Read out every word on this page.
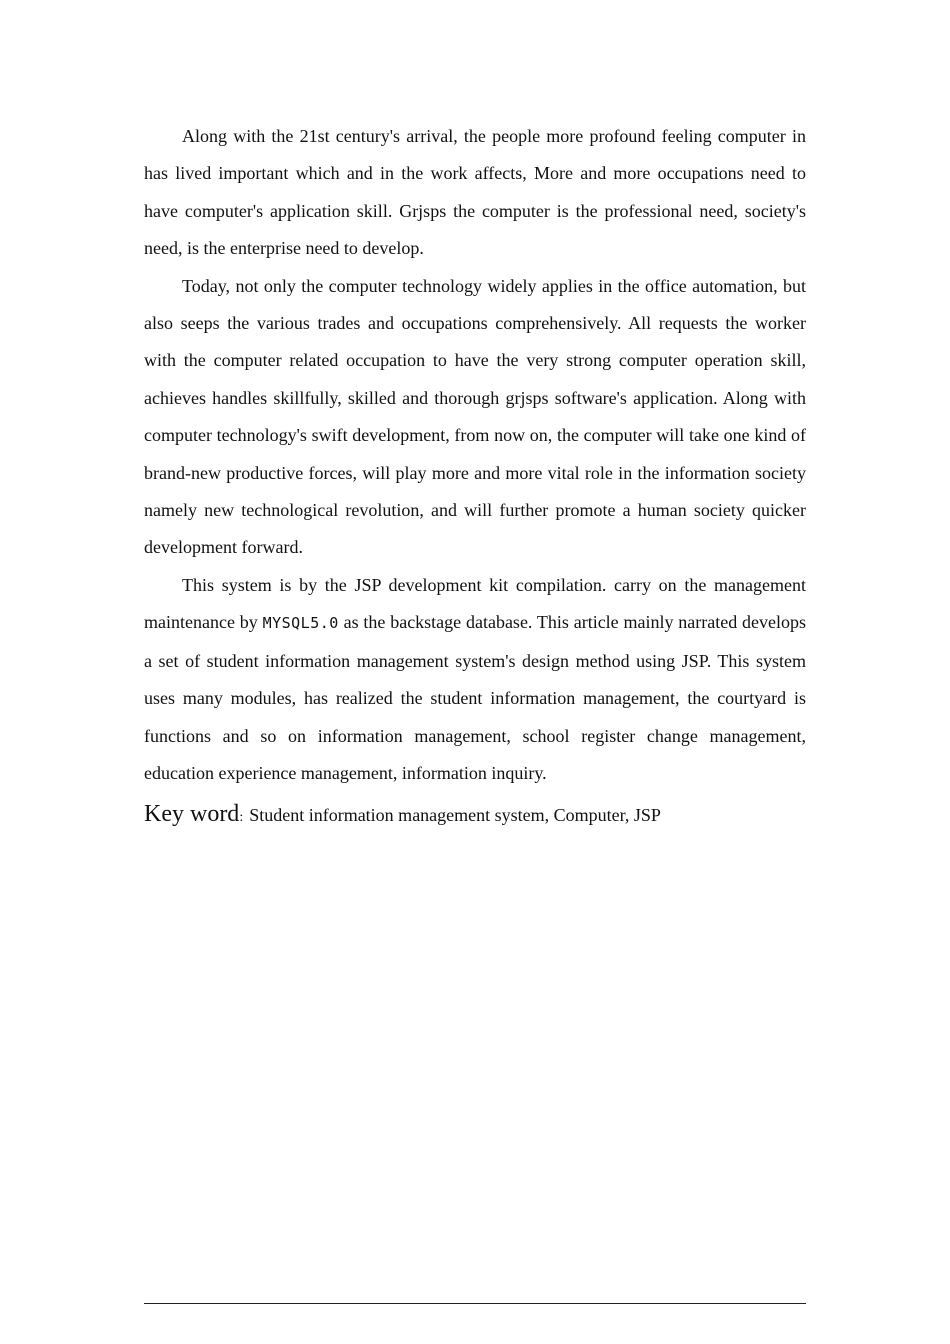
Along with the 21st century's arrival, the people more profound feeling computer in has lived important which and in the work affects, More and more occupations need to have computer's application skill. Grjsps the computer is the professional need, society's need, is the enterprise need to develop.

Today, not only the computer technology widely applies in the office automation, but also seeps the various trades and occupations comprehensively. All requests the worker with the computer related occupation to have the very strong computer operation skill, achieves handles skillfully, skilled and thorough grjsps software's application. Along with computer technology's swift development, from now on, the computer will take one kind of brand-new productive forces, will play more and more vital role in the information society namely new technological revolution, and will further promote a human society quicker development forward.

This system is by the JSP development kit compilation. carry on the management maintenance by MYSQL5.0 as the backstage database. This article mainly narrated develops a set of student information management system's design method using JSP. This system uses many modules, has realized the student information management, the courtyard is functions and so on information management, school register change management, education experience management, information inquiry.

Key word: Student information management system, Computer, JSP
